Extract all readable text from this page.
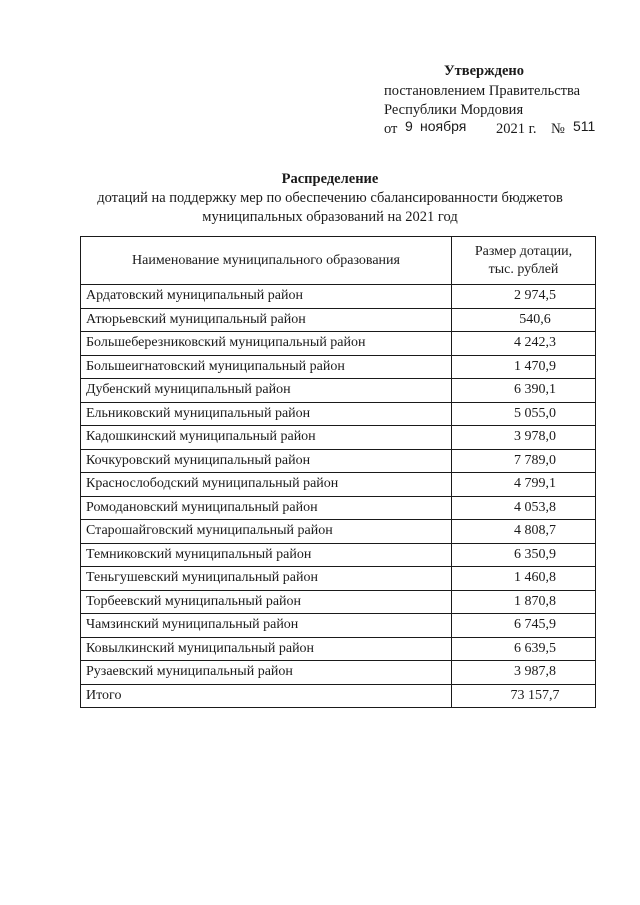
Утверждено
постановлением Правительства
Республики Мордовия
от 9 ноября 2021 г. № 511
Распределение
дотаций на поддержку мер по обеспечению сбалансированности бюджетов
муниципальных образований на 2021 год
Наименование муниципального образования	Размер дотации,
тыс. рублей

Ардатовский муниципальный район	2 974,5
Атюрьевский муниципальный район	540,6
Большеберезниковский муниципальный район	4 242,3
Большеигнатовский муниципальный район	1 470,9
Дубенский муниципальный район	6 390,1
Ельниковский муниципальный район	5 055,0
Кадошкинский муниципальный район	3 978,0
Кочкуровский муниципальный район	7 789,0
Краснослободский муниципальный район	4 799,1
Ромодановский муниципальный район	4 053,8
Старошайговский муниципальный район	4 808,7
Темниковский муниципальный район	6 350,9
Теньгушевский муниципальный район	1 460,8
Торбеевский муниципальный район	1 870,8
Чамзинский муниципальный район	6 745,9
Ковылкинский муниципальный район	6 639,5
Рузаевский муниципальный район	3 987,8
Итого	73 157,7
